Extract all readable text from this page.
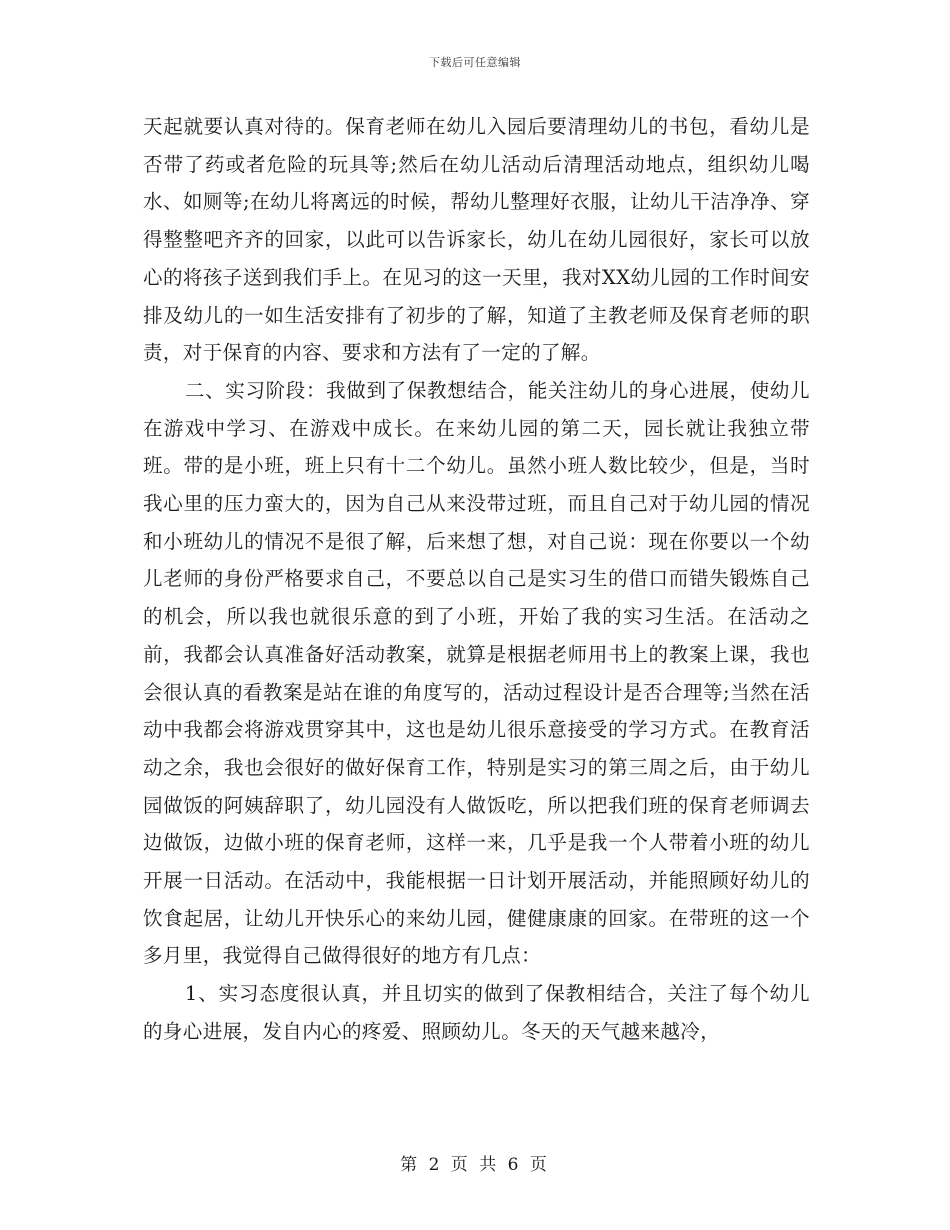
下载后可任意编辑

天起就要认真对待的。保育老师在幼儿入园后要清理幼儿的书包，看幼儿是否带了药或者危险的玩具等;然后在幼儿活动后清理活动地点，组织幼儿喝水、如厕等;在幼儿将离远的时候，帮幼儿整理好衣服，让幼儿干洁净净、穿得整整吧齐齐的回家，以此可以告诉家长，幼儿在幼儿园很好，家长可以放心的将孩子送到我们手上。在见习的这一天里，我对XX幼儿园的工作时间安排及幼儿的一如生活安排有了初步的了解，知道了主教老师及保育老师的职责，对于保育的内容、要求和方法有了一定的了解。

二、实习阶段：我做到了保教想结合，能关注幼儿的身心进展，使幼儿在游戏中学习、在游戏中成长。在来幼儿园的第二天，园长就让我独立带班。带的是小班，班上只有十二个幼儿。虽然小班人数比较少，但是，当时我心里的压力蛮大的，因为自己从来没带过班，而且自己对于幼儿园的情况和小班幼儿的情况不是很了解，后来想了想，对自己说：现在你要以一个幼儿老师的身份严格要求自己，不要总以自己是实习生的借口而错失锻炼自己的机会，所以我也就很乐意的到了小班，开始了我的实习生活。在活动之前，我都会认真准备好活动教案，就算是根据老师用书上的教案上课，我也会很认真的看教案是站在谁的角度写的，活动过程设计是否合理等;当然在活动中我都会将游戏贯穿其中，这也是幼儿很乐意接受的学习方式。在教育活动之余，我也会很好的做好保育工作，特别是实习的第三周之后，由于幼儿园做饭的阿姨辞职了，幼儿园没有人做饭吃，所以把我们班的保育老师调去边做饭，边做小班的保育老师，这样一来，几乎是我一个人带着小班的幼儿开展一日活动。在活动中，我能根据一日计划开展活动，并能照顾好幼儿的饮食起居，让幼儿开快乐心的来幼儿园，健健康康的回家。在带班的这一个多月里，我觉得自己做得很好的地方有几点：

1、实习态度很认真，并且切实的做到了保教相结合，关注了每个幼儿的身心进展，发自内心的疼爱、照顾幼儿。冬天的天气越来越冷，

第 2 页 共 6 页
